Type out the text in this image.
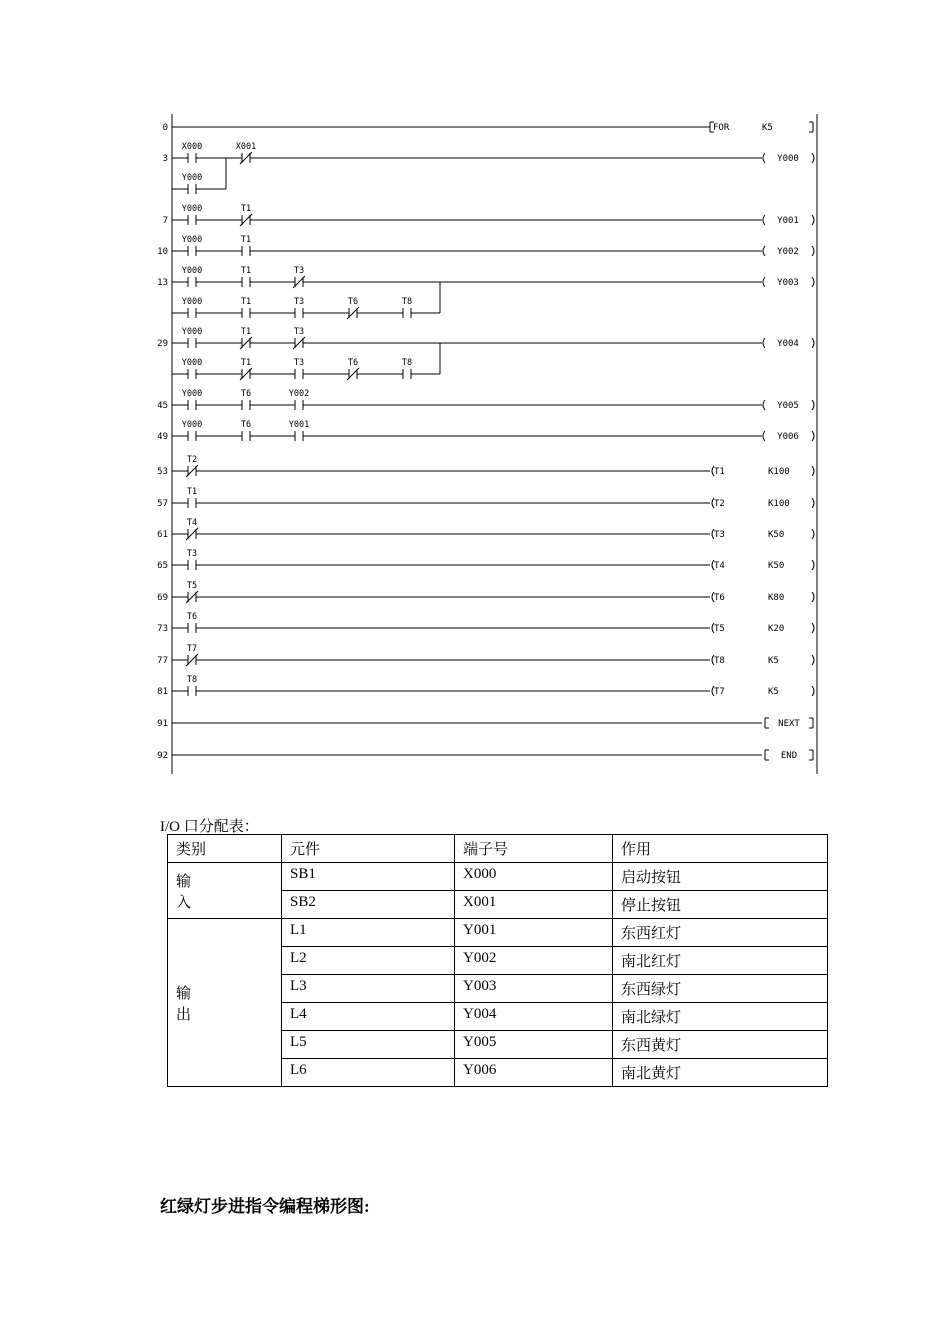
0	FOR	K5
3
X000	X001
Y000
Y000
7
Y000	T1
Y001
10
Y000	T1
Y002
13
Y000	T1	T3
Y003
Y000	T1	T3	T6	T8
29
Y000	T1	T3
Y004
Y000	T1	T3	T6	T8
45
Y000	T6	Y002
Y005
49
Y000	T6	Y001
Y006
53
T2
T1	K100
57
T1
T2	K100
61
T4
T3	K50
65
T3
T4	K50
69
T5
T6	K80
73
T6
T5	K20
77
T7
T8	K5
81
T8
T7	K5
91	NEXT
92	END
I/O 口分配表：
类别	元件	端子号	作用
输
入	SB1	X000	启动按钮
	SB2	X001	停止按钮
输
出	L1	Y001	东西红灯
	L2	Y002	南北红灯
	L3	Y003	东西绿灯
	L4	Y004	南北绿灯
	L5	Y005	东西黄灯
	L6	Y006	南北黄灯
红绿灯步进指令编程梯形图:
